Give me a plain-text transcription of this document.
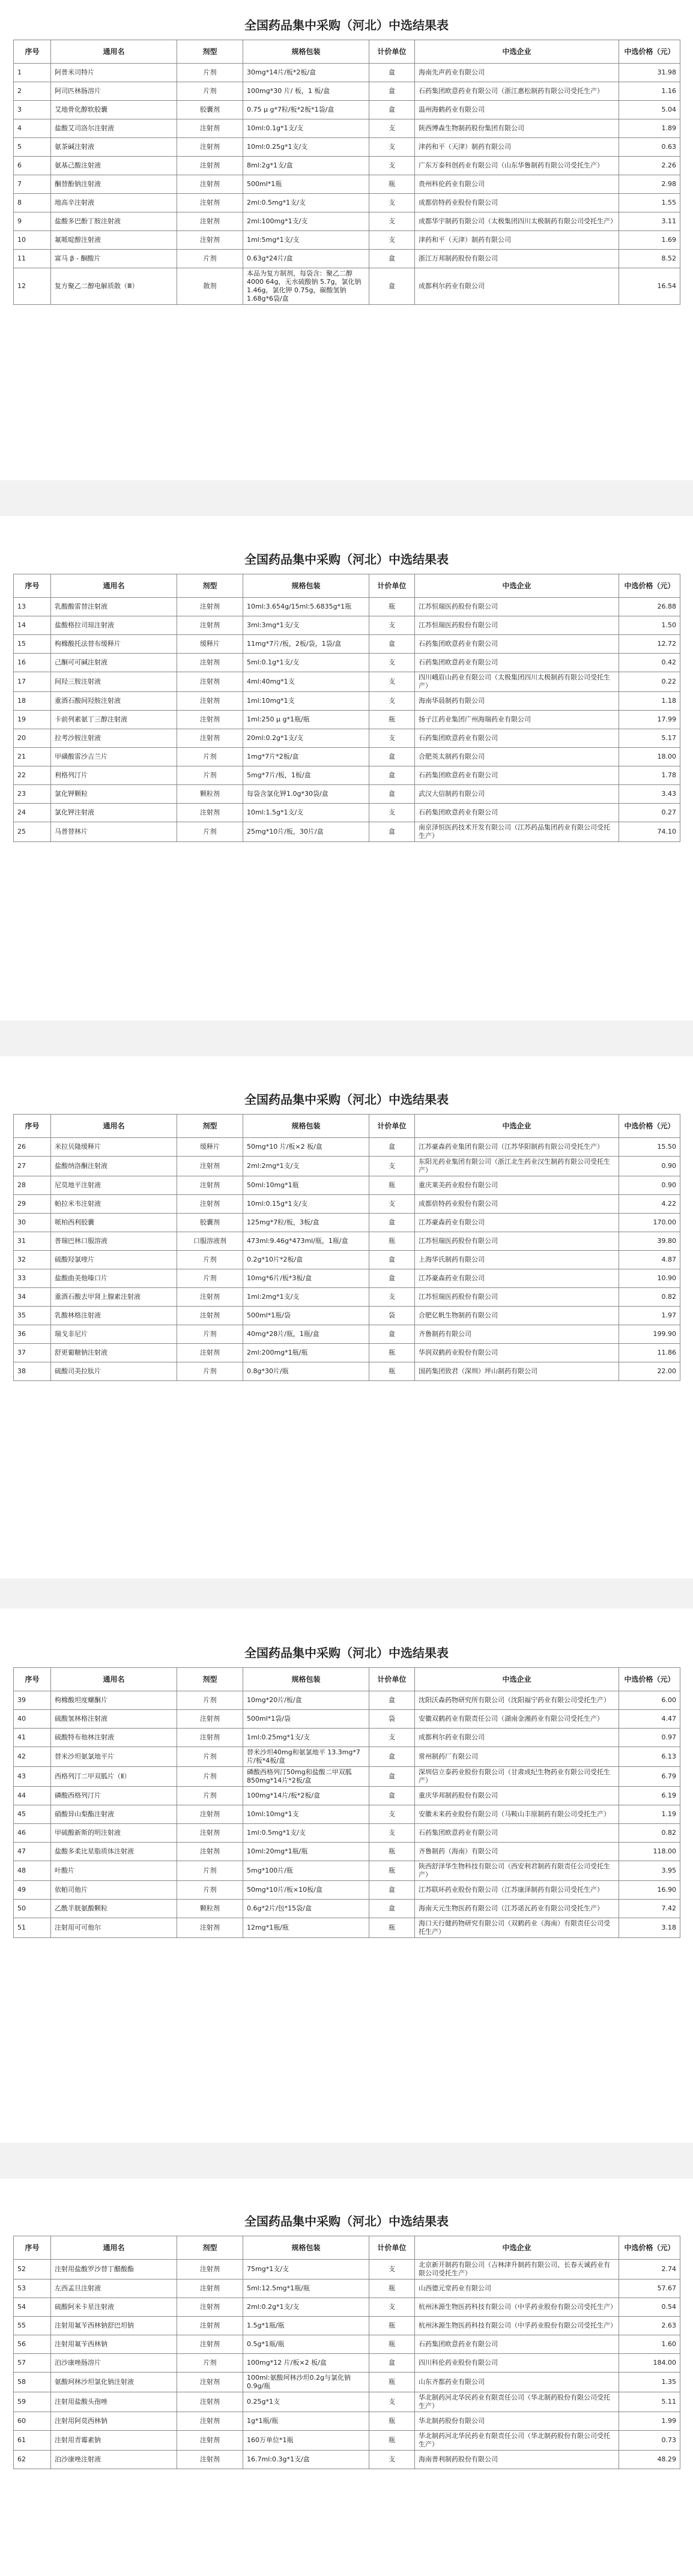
全国药品集中采购（河北）中选结果表
序号	通用名	剂型	规格包装	计价单位	中选企业	中选价格（元）
1	阿普米司特片	片剂	30mg*14片/板*2板/盒	盒	海南先声药业有限公司	31.98
2	阿司匹林肠溶片	片剂	100mg*30 片/ 板，1 板/盒	盒	石药集团欧意药业有限公司（浙江惠松制药有限公司受托生产）	1.16
3	艾地骨化醇软胶囊	胶囊剂	0.75 μ g*7粒/板*2板*1袋/盒	盒	温州海鹤药业有限公司	5.04
4	盐酸艾司洛尔注射液	注射剂	10ml:0.1g*1支/支	支	陕西博森生物制药股份集团有限公司	1.89
5	氨茶碱注射液	注射剂	10ml:0.25g*1支/支	支	津药和平（天津）制药有限公司	0.63
6	氨基己酸注射液	注射剂	8ml:2g*1支/盒	支	广东万泰科创药业有限公司（山东华鲁制药有限公司受托生产）	2.26
7	酮替酚钠注射液	注射剂	500ml*1瓶	瓶	贵州科伦药业有限公司	2.98
8	地高辛注射液	注射剂	2ml:0.5mg*1支/支	支	成都倍特药业股份有限公司	1.55
9	盐酸多巴酚丁胺注射液	注射剂	2ml:100mg*1支/支	支	成都华宇制药有限公司（太极集团四川太极制药有限公司受托生产）	3.11
10	氟哌啶醇注射液	注射剂	1ml:5mg*1支/支	支	津药和平（天津）制药有限公司	1.69
11	富马 β - 酮酸片	片剂	0.63g*24片/盒	盒	浙江万邦制药股份有限公司	8.52
12	复方聚乙二醇电解质散（Ⅲ）	散剂	本品为复方制剂，每袋含：聚乙二醇4000 64g，无水硫酸钠 5.7g，氯化钠1.46g，氯化钾 0.75g，碳酸氢钠1.68g*6袋/盒	盒	成都利尔药业有限公司	16.54
全国药品集中采购（河北）中选结果表
序号	通用名	剂型	规格包装	计价单位	中选企业	中选价格（元）
13	乳酸酸雷替注射液	注射剂	10ml:3.654g/15ml:5.6835g*1瓶	瓶	江苏恒瑞医药股份有限公司	26.88
14	盐酸格拉司琼注射液	注射剂	3ml:3mg*1支/支	支	江苏恒瑞医药股份有限公司	1.50
15	枸橼酸托法替布缓释片	缓释片	11mg*7片/板，2板/袋，1袋/盒	盒	石药集团欧意药业有限公司	12.72
16	己酮可可碱注射液	注射剂	5ml:0.1g*1支/支	支	石药集团欧意药业有限公司	0.42
17	间羟三胺注射液	注射剂	4ml:40mg*1支	支	四川峨眉山药业有限公司（太极集团四川太极制药有限公司受托生产）	0.22
18	重酒石酸间羟胺注射液	注射剂	1ml:10mg*1支	支	海南华晨制药有限公司	1.18
19	卡前列素氨丁三醇注射液	注射剂	1ml:250 μ g*1瓶/瓶	瓶	扬子江药业集团广州海瑞药业有限公司	17.99
20	拉考沙胺注射液	注射剂	20ml:0.2g*1支/支	支	石药集团欧意药业有限公司	5.17
21	甲磺酸雷沙吉兰片	片剂	1mg*7片*2板/盒	盒	合肥英太制药有限公司	18.00
22	利格列汀片	片剂	5mg*7片/板，1板/盒	盒	石药集团欧意药业有限公司	1.78
23	氯化钾颗粒	颗粒剂	每袋含氯化钾1.0g*30袋/盒	盒	武汉大信制药有限公司	3.43
24	氯化钾注射液	注射剂	10ml:1.5g*1支/支	支	石药集团欧意药业有限公司	0.27
25	马普替林片	片剂	25mg*10片/板，30片/盒	盒	南京泽恒医药技术开发有限公司（江苏药品集团药业有限公司受托生产）	74.10
全国药品集中采购（河北）中选结果表
序号	通用名	剂型	规格包装	计价单位	中选企业	中选价格（元）
26	米拉贝隆缓释片	缓释片	50mg*10 片/板×2 板/盒	盒	江苏豪森药业集团有限公司（江苏华阳制药有限公司受托生产）	15.50
27	盐酸纳洛酮注射液	注射剂	2ml:2mg*1支/支	支	东阳光药业集团有限公司（浙江北生药业汉生制药有限公司受托生产）	0.90
28	尼莫地平注射液	注射剂	50ml:10mg*1瓶	瓶	重庆莱美药业股份有限公司	0.90
29	帕拉米韦注射液	注射剂	10ml:0.15g*1支/支	支	成都倍特药业股份有限公司	4.22
30	哌柏西利胶囊	胶囊剂	125mg*7粒/板，3板/盒	盒	江苏豪森药业有限公司	170.00
31	普瑞巴林口服溶液	口服溶液剂	473ml:9.46g*473ml/瓶，1瓶/盒	瓶	江苏恒瑞医药股份有限公司	39.80
32	硫酸羟氯喹片	片剂	0.2g*10片*2板/盒	盒	上海华氏制药有限公司	4.87
33	盐酸曲美他嗪口片	片剂	10mg*6片/板*3板/盒	盒	江苏豪森药业有限公司	10.90
34	重酒石酸去甲肾上腺素注射液	注射剂	1ml:2mg*1支/支	支	江苏恒瑞医药股份有限公司	0.82
35	乳酸林格注射液	注射剂	500ml*1瓶/袋	袋	合肥亿帆生物制药有限公司	1.97
36	瑞戈非尼片	片剂	40mg*28片/瓶，1瓶/盒	盒	齐鲁制药有限公司	199.90
37	舒更葡糖钠注射液	注射剂	2ml:200mg*1瓶/瓶	瓶	华润双鹤药业股份有限公司	11.86
38	硫酸司美拉肽片	片剂	0.8g*30片/瓶	瓶	国药集团致君（深圳）坪山制药有限公司	22.00
全国药品集中采购（河北）中选结果表
序号	通用名	剂型	规格包装	计价单位	中选企业	中选价格（元）
39	枸橼酸坦度螺酮片	片剂	10mg*20片/板/盒	盒	沈阳沃森药物研究所有限公司（沈阳福宁药业有限公司受托生产）	6.00
40	硫酸氢林格注射液	注射剂	500ml*1袋/袋	袋	安徽双鹤药业有限责任公司（湖南金湘药业有限公司受托生产）	4.47
41	硫酸特布他林注射液	注射剂	1ml:0.25mg*1支/支	支	成都利尔药业有限公司	0.97
42	替米沙坦氨氯地平片	片剂	替米沙坦40mg和氨氯地平 13.3mg*7片/板*4板/盒	盒	常州制药厂有限公司	6.13
43	西格列汀二甲双胍片（Ⅱ）	片剂	磷酸西格列汀50mg和盐酸二甲双胍850mg*14片*2板/盒	盒	深圳信立泰药业股份有限公司（甘肃成纪生物药业有限公司受托生产）	6.79
44	磷酸西格列汀片	片剂	100mg*14片/板*2板/盒	盒	重庆华邦制药股份有限公司	6.19
45	硝酸异山梨酯注射液	注射剂	10ml:10mg*1支	支	安徽未来药业股份有限公司（马鞍山丰原制药有限公司受托生产）	1.19
46	甲硫酸新斯的明注射液	注射剂	1ml:0.5mg*1支/支	支	石药集团欧意药业有限公司	0.82
47	盐酸多柔比星脂质体注射液	注射剂	10ml:20mg*1瓶/瓶	瓶	齐鲁制药（海南）有限公司	118.00
48	叶酸片	片剂	5mg*100片/瓶	瓶	陕西舒泽华生物科技有限公司（西安利君制药有限责任公司受托生产）	3.95
49	依帕司他片	片剂	50mg*10片/板×10板/盒	盒	江苏联环药业股份有限公司（江苏康泽制药有限公司受托生产）	16.90
50	乙酰半胱氨酸颗粒	颗粒剂	0.6g*2片/包*15袋/盒	盒	海南天元生物医药有限公司（江苏诺瓦药业有限公司受托生产）	7.42
51	注射用可可他尔	注射剂	12mg*1瓶/瓶	瓶	海口天行健药物研究有限公司（双鹤药业（海南）有限责任公司受托生产）	3.18
全国药品集中采购（河北）中选结果表
序号	通用名	剂型	规格包装	计价单位	中选企业	中选价格（元）
52	注射用盐酸罗沙替丁醋酸酯	注射剂	75mg*1支/支	支	北京新开制药有限公司（吉林津升制药有限公司、长春天诚药业有限公司受托生产）	2.74
53	左西孟旦注射液	注射剂	5ml:12.5mg*1瓶/瓶	瓶	山西德元堂药业有限公司	57.67
54	硫酸阿米卡星注射液	注射剂	2ml:0.2g*1支/支	支	杭州沐源生物医药科技有限公司（中孚药业股份有限公司受托生产）	0.54
55	注射用氟苄西林钠舒巴坦钠	注射剂	1.5g*1瓶/瓶	瓶	杭州沐源生物医药科技有限公司（中孚药业股份有限公司受托生产）	2.63
56	注射用氟苄西林钠	注射剂	0.5g*1瓶/瓶	瓶	石药集团欧意药业有限公司	1.60
57	泊沙康唑肠溶片	片剂	100mg*12 片/板×2 板/盒	盒	四川科伦药业股份有限公司	184.00
58	氨酸珂林沙坦氯化钠注射液	注射剂	100ml:氨酸珂林沙坦0.2g与氯化钠0.9g/瓶	瓶	山东齐都药业有限公司	1.35
59	注射用盐酸头孢唑	注射剂	0.25g*1支	支	华北制药河北华民药业有限责任公司（华北制药股份有限公司受托生产）	5.11
60	注射用阿莫西林钠	注射剂	1g*1瓶/瓶	瓶	华北制药股份有限公司	1.99
61	注射用青霉素钠	注射剂	160万单位*1瓶	瓶	华北制药河北华民药业有限责任公司（华北制药股份有限公司受托生产）	0.73
62	泊沙康唑注射液	注射剂	16.7ml:0.3g*1支/盒	支	海南普利制药股份有限公司	48.29
